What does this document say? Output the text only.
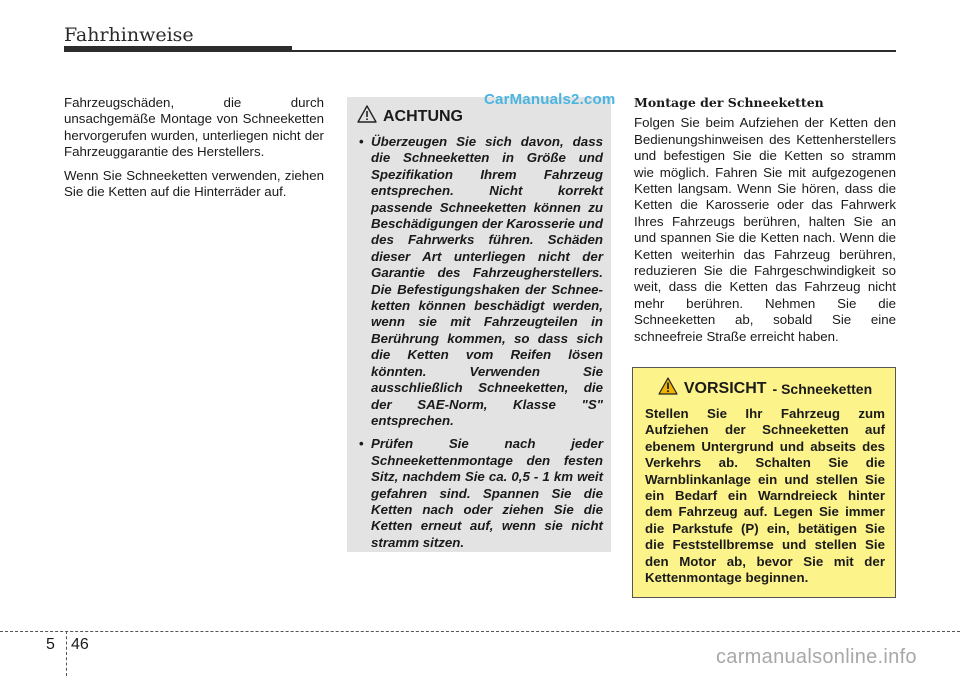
Fahrhinweise

Fahrzeugschäden, die durch unsachgemäße Montage von Schneeketten hervorgerufen wurden, unterliegen nicht der Fahrzeuggarantie des Herstellers.

Wenn Sie Schneeketten verwenden, ziehen Sie die Ketten auf die Hinterräder auf.

ACHTUNG
• Überzeugen Sie sich davon, dass die Schneeketten in Größe und Spezifikation Ihrem Fahrzeug entsprechen. Nicht korrekt passende Schneeketten können zu Beschädigungen der Karosserie und des Fahrwerks führen. Schäden dieser Art unterliegen nicht der Garantie des Fahrzeugherstellers. Die Befestigungshaken der Schnee-ketten können beschädigt werden, wenn sie mit Fahrzeugteilen in Berührung kommen, so dass sich die Ketten vom Reifen lösen könnten. Verwenden Sie ausschließlich Schneeketten, die der SAE-Norm, Klasse "S" entsprechen.
• Prüfen Sie nach jeder Schneekettenmontage den festen Sitz, nachdem Sie ca. 0,5 - 1 km weit gefahren sind. Spannen Sie die Ketten nach oder ziehen Sie die Ketten erneut auf, wenn sie nicht stramm sitzen.
CarManuals2.com Montage der Schneeketten

Folgen Sie beim Aufziehen der Ketten den Bedienungshinweisen des Kettenherstellers und befestigen Sie die Ketten so stramm wie möglich. Fahren Sie mit aufgezogenen Ketten langsam. Wenn Sie hören, dass die Ketten die Karosserie oder das Fahrwerk Ihres Fahrzeugs berühren, halten Sie an und spannen Sie die Ketten nach. Wenn die Ketten weiterhin das Fahrzeug berühren, reduzieren Sie die Fahrgeschwindigkeit so weit, dass die Ketten das Fahrzeug nicht mehr berühren. Nehmen Sie die Schneeketten ab, sobald Sie eine schneefreie Straße erreicht haben.

VORSICHT - Schneeketten

Stellen Sie Ihr Fahrzeug zum Aufziehen der Schneeketten auf ebenem Untergrund und abseits des Verkehrs ab. Schalten Sie die Warnblinkanlage ein und stellen Sie ein Bedarf ein Warndreieck hinter dem Fahrzeug auf. Legen Sie immer die Parkstufe (P) ein, betätigen Sie die Feststellbremse und stellen Sie den Motor ab, bevor Sie mit der Kettenmontage beginnen.

5 46
carmanualsonline.info
